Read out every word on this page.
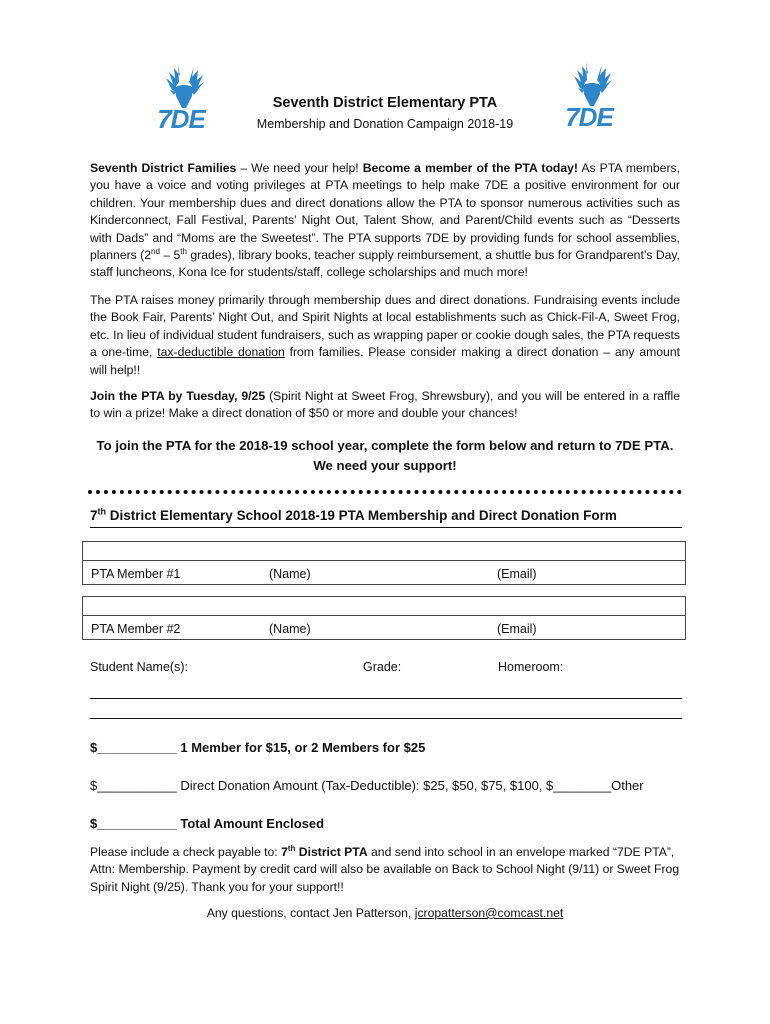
7DE	7DE
Seventh District Elementary PTA
Membership and Donation Campaign 2018-19
Seventh District Families – We need your help! Become a member of the PTA today! As PTA members, you have a voice and voting privileges at PTA meetings to help make 7DE a positive environment for our children. Your membership dues and direct donations allow the PTA to sponsor numerous activities such as Kinderconnect, Fall Festival, Parents’ Night Out, Talent Show, and Parent/Child events such as “Desserts with Dads” and “Moms are the Sweetest”. The PTA supports 7DE by providing funds for school assemblies, planners (2nd – 5th grades), library books, teacher supply reimbursement, a shuttle bus for Grandparent’s Day, staff luncheons, Kona Ice for students/staff, college scholarships and much more!
The PTA raises money primarily through membership dues and direct donations. Fundraising events include the Book Fair, Parents’ Night Out, and Spirit Nights at local establishments such as Chick-Fil-A, Sweet Frog, etc. In lieu of individual student fundraisers, such as wrapping paper or cookie dough sales, the PTA requests a one-time, tax-deductible donation from families. Please consider making a direct donation – any amount will help!!
Join the PTA by Tuesday, 9/25 (Spirit Night at Sweet Frog, Shrewsbury), and you will be entered in a raffle to win a prize! Make a direct donation of $50 or more and double your chances!
To join the PTA for the 2018-19 school year, complete the form below and return to 7DE PTA.
We need your support!
7th District Elementary School 2018-19 PTA Membership and Direct Donation Form
PTA Member #1	(Name)	(Email)
PTA Member #2	(Name)	(Email)
Student Name(s):	Grade:	Homeroom:
$___________ 1 Member for $15, or 2 Members for $25
$___________ Direct Donation Amount (Tax-Deductible): $25, $50, $75, $100, $________Other
$___________ Total Amount Enclosed
Please include a check payable to: 7th District PTA and send into school in an envelope marked “7DE PTA”, Attn: Membership. Payment by credit card will also be available on Back to School Night (9/11) or Sweet Frog Spirit Night (9/25). Thank you for your support!!
Any questions, contact Jen Patterson, jcropatterson@comcast.net
